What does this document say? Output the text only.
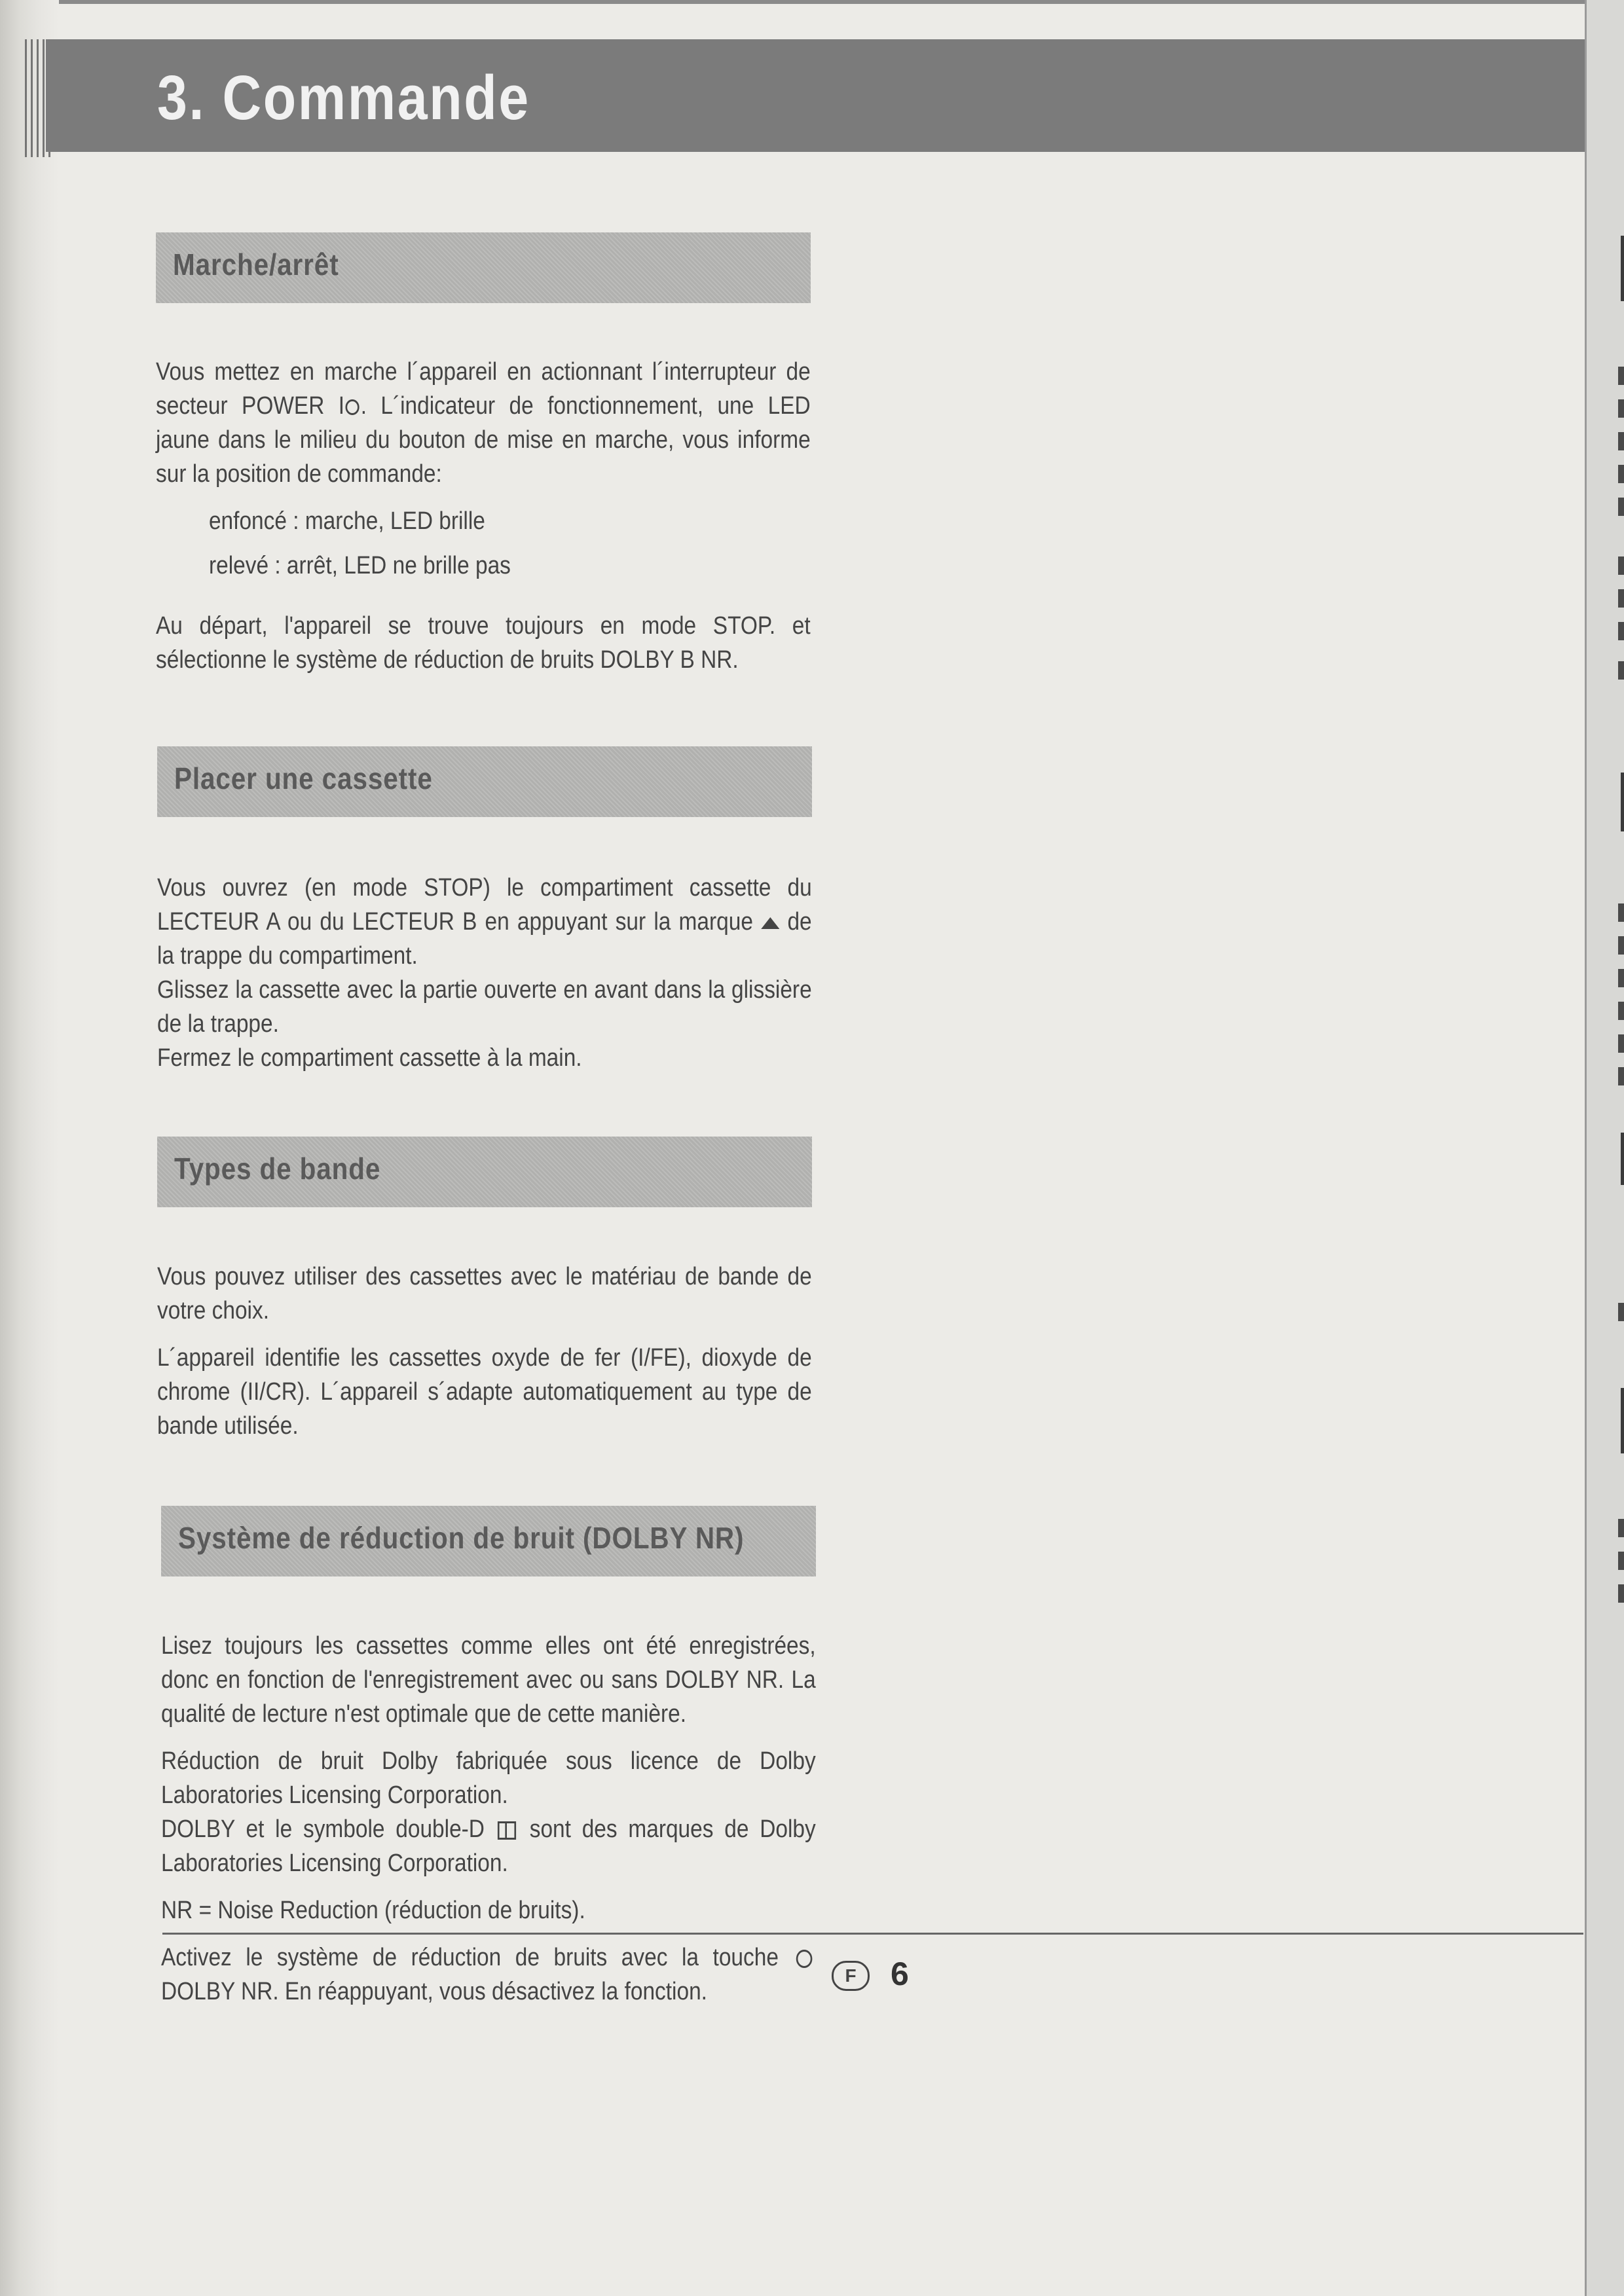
3. Commande
Marche/arrêt

Vous mettez en marche l´appareil en actionnant l´interrupteur de secteur POWER I . L´indicateur de fonctionnement, une LED jaune dans le milieu du bouton de mise en marche, vous informe sur la position de commande:

enfoncé : marche, LED brille

relevé : arrêt, LED ne brille pas

Au départ, l'appareil se trouve toujours en mode STOP. et sélectionne le système de réduction de bruits DOLBY B NR.

Placer une cassette

Vous ouvrez (en mode STOP) le compartiment cassette du LECTEUR A ou du LECTEUR B en appuyant sur la marque de la trappe du compartiment.

Glissez la cassette avec la partie ouverte en avant dans la glissière de la trappe.

Fermez le compartiment cassette à la main.

Types de bande

Vous pouvez utiliser des cassettes avec le matériau de bande de votre choix.

L´appareil identifie les cassettes oxyde de fer (I/FE), dioxyde de chrome (II/CR). L´appareil s´adapte automatiquement au type de bande utilisée.

Système de réduction de bruit (DOLBY NR)

Lisez toujours les cassettes comme elles ont été enregistrées, donc en fonction de l'enregistrement avec ou sans DOLBY NR. La qualité de lecture n'est optimale que de cette manière.

Réduction de bruit Dolby fabriquée sous licence de Dolby Laboratories Licensing Corporation.

DOLBY et le symbole double-D sont des marques de Dolby Laboratories Licensing Corporation.

NR = Noise Reduction (réduction de bruits).

Activez le système de réduction de bruits avec la touche  DOLBY NR. En réappuyant, vous désactivez la fonction.

F	6
